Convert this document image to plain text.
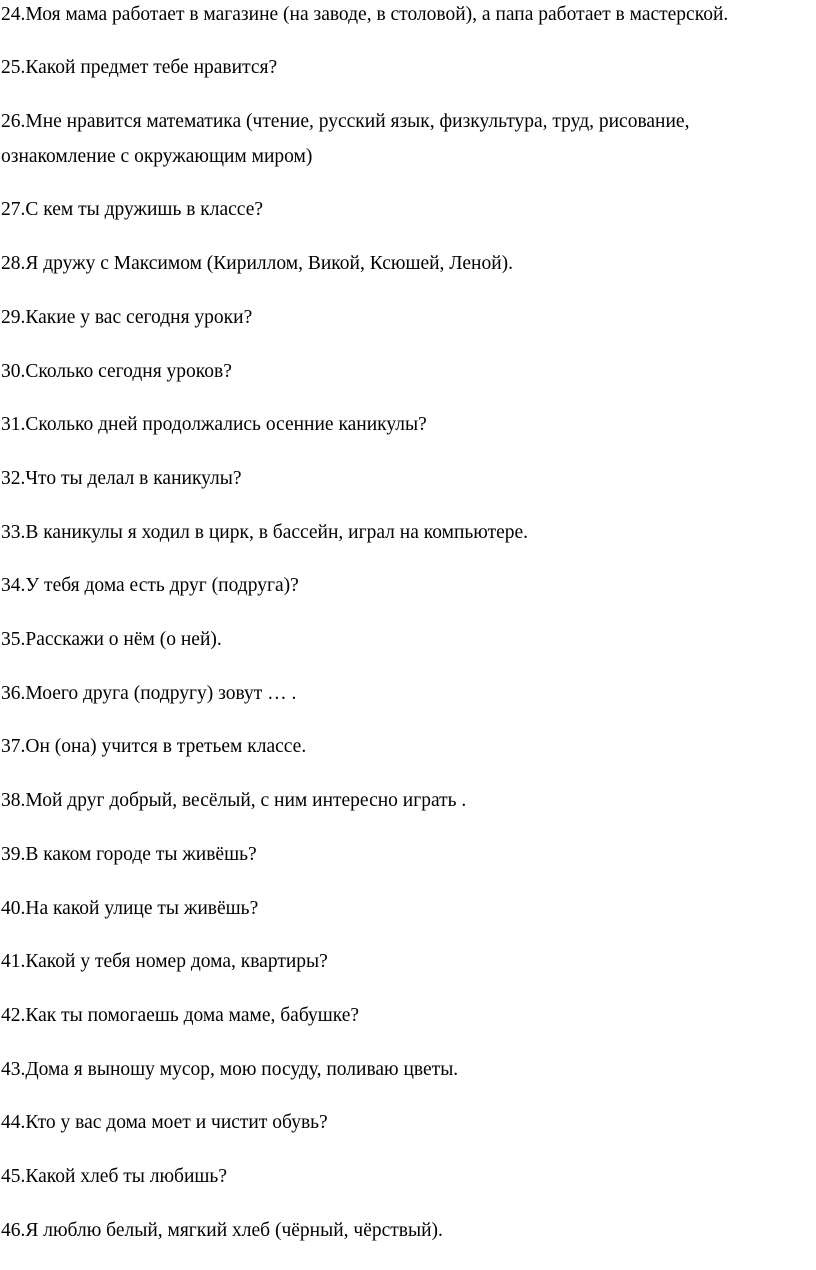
24.Моя мама работает в магазине (на заводе, в столовой), а папа работает в мастерской.
25.Какой предмет тебе нравится?
26.Мне нравится математика (чтение, русский язык, физкультура, труд, рисование,
ознакомление с окружающим миром)
27.С кем ты дружишь в классе?
28.Я дружу с Максимом (Кириллом, Викой, Ксюшей, Леной).
29.Какие у вас сегодня уроки?
30.Сколько сегодня уроков?
31.Сколько дней продолжались осенние каникулы?
32.Что ты делал в каникулы?
33.В каникулы я ходил в цирк, в бассейн, играл на компьютере.
34.У тебя дома есть друг (подруга)?
35.Расскажи о нём (о ней).
36.Моего друга (подругу) зовут … .
37.Он (она) учится в третьем классе.
38.Мой друг добрый, весёлый, с ним интересно играть .
39.В каком городе ты живёшь?
40.На какой улице ты живёшь?
41.Какой у тебя номер дома, квартиры?
42.Как ты помогаешь дома маме, бабушке?
43.Дома я выношу мусор, мою посуду, поливаю цветы.
44.Кто у вас дома моет и чистит обувь?
45.Какой хлеб ты любишь?
46.Я люблю белый, мягкий хлеб (чёрный, чёрствый).
